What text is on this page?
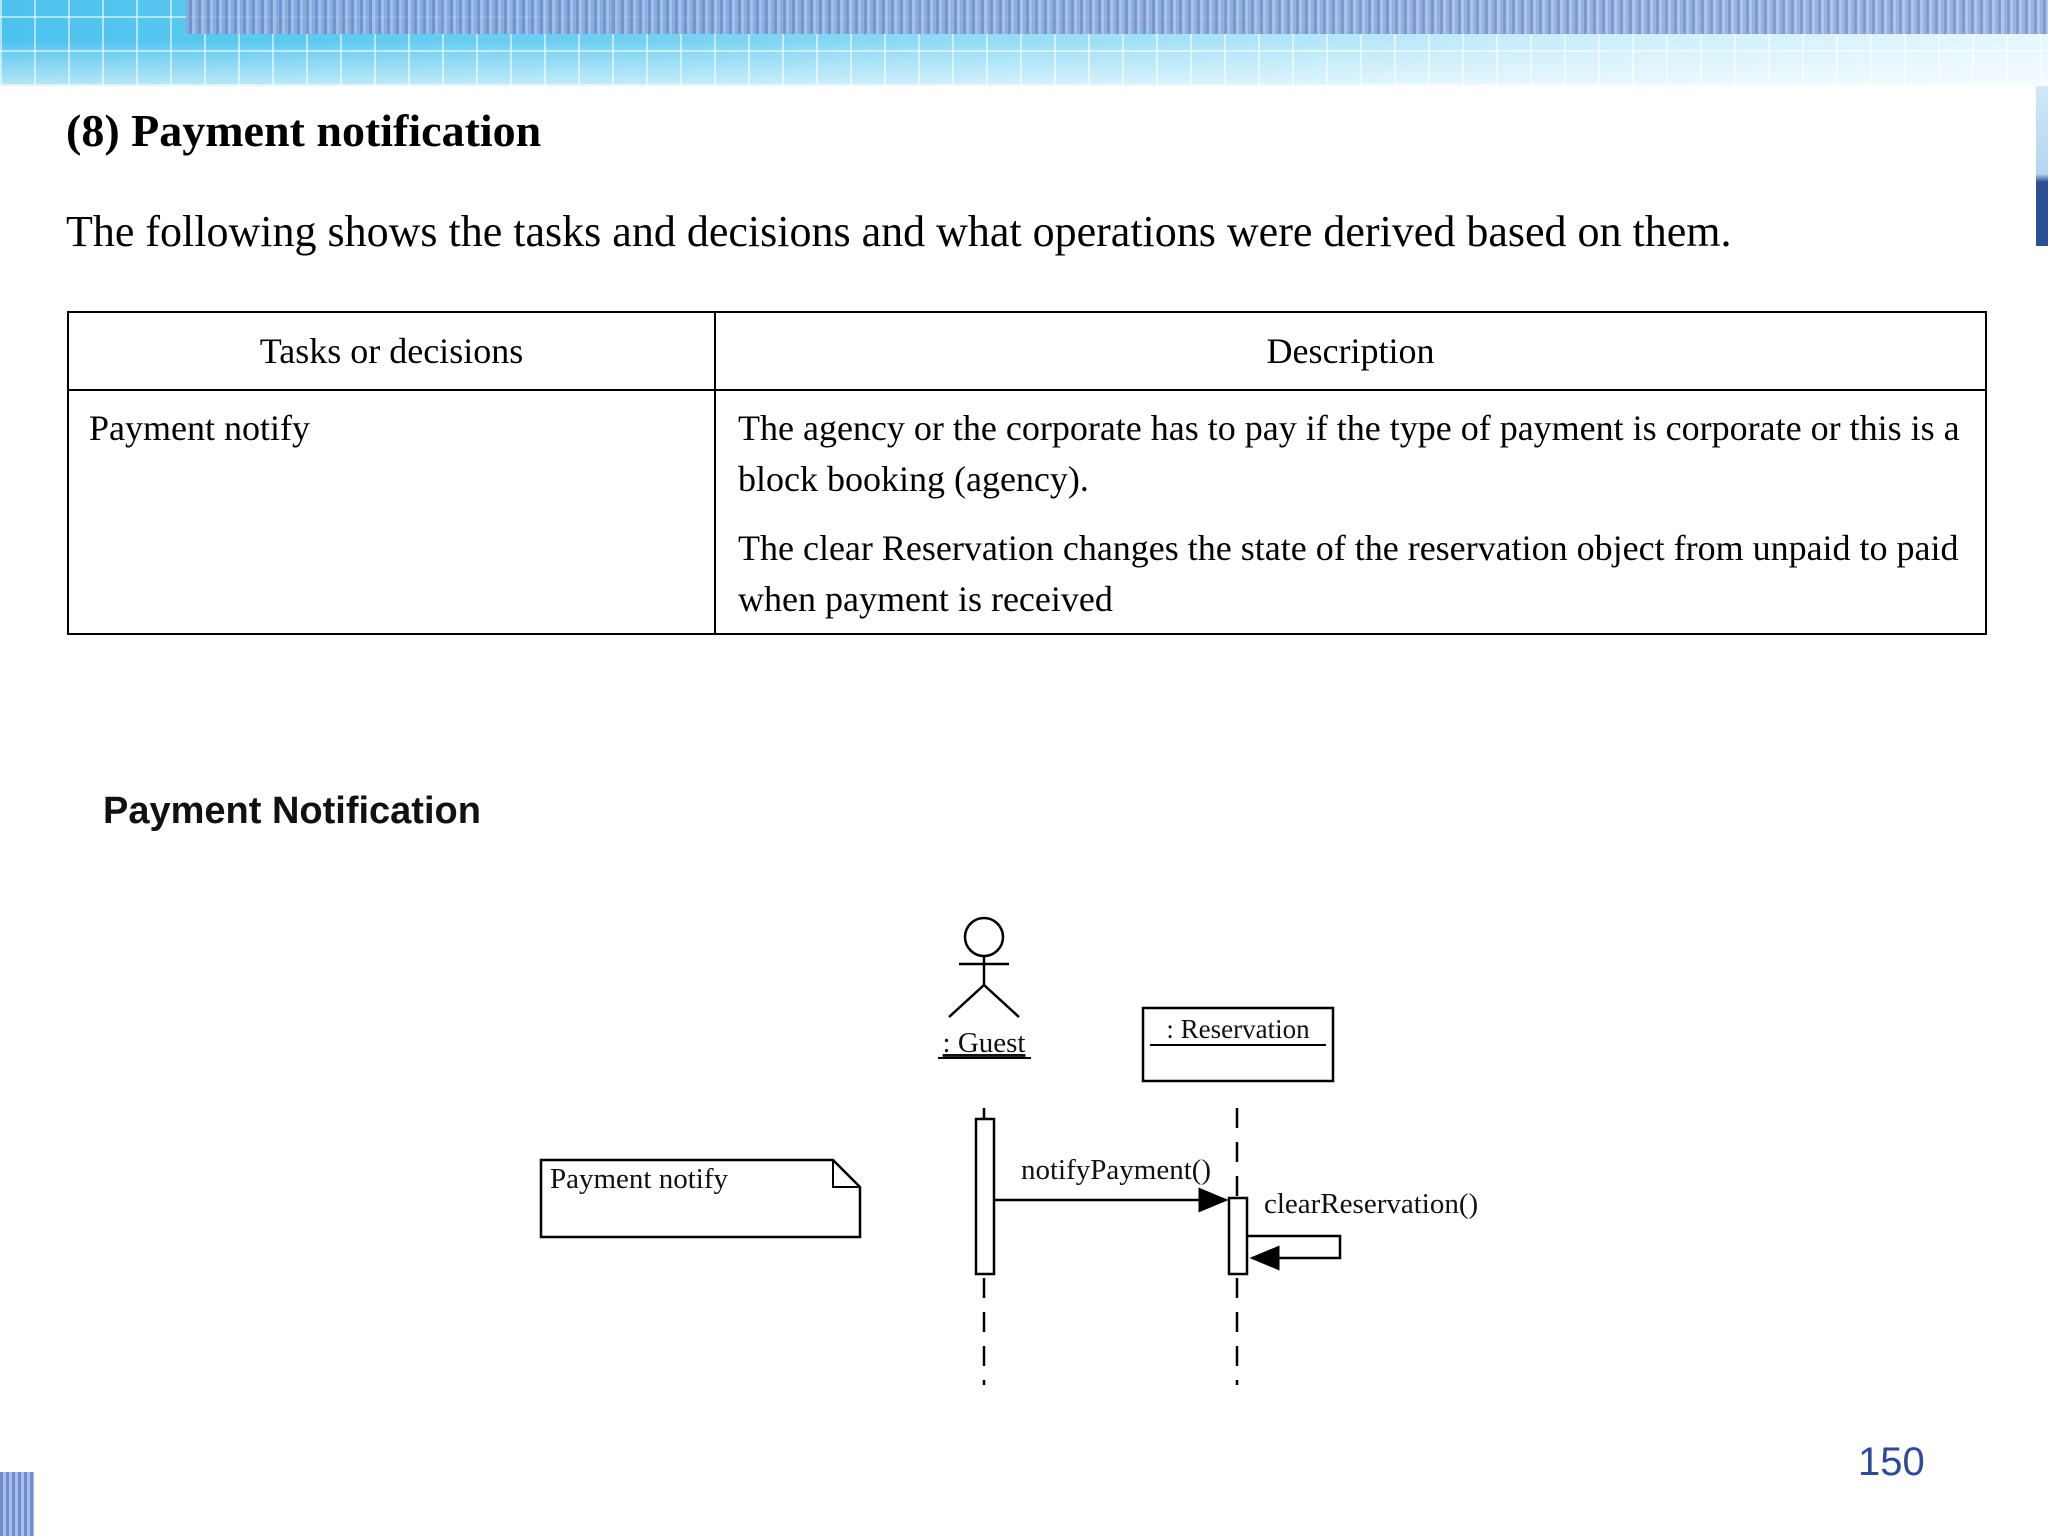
(8) Payment notification

The following shows the tasks and decisions and what operations were derived based on them.

Tasks or decisions	Description
Payment notify	The agency or the corporate has to pay if the type of payment is corporate or this is a block booking (agency).

The clear Reservation changes the state of the reservation object from unpaid to paid when payment is received

Payment Notification
Payment notify
: Guest	: Reservation
notifyPayment()
clearReservation()
150
